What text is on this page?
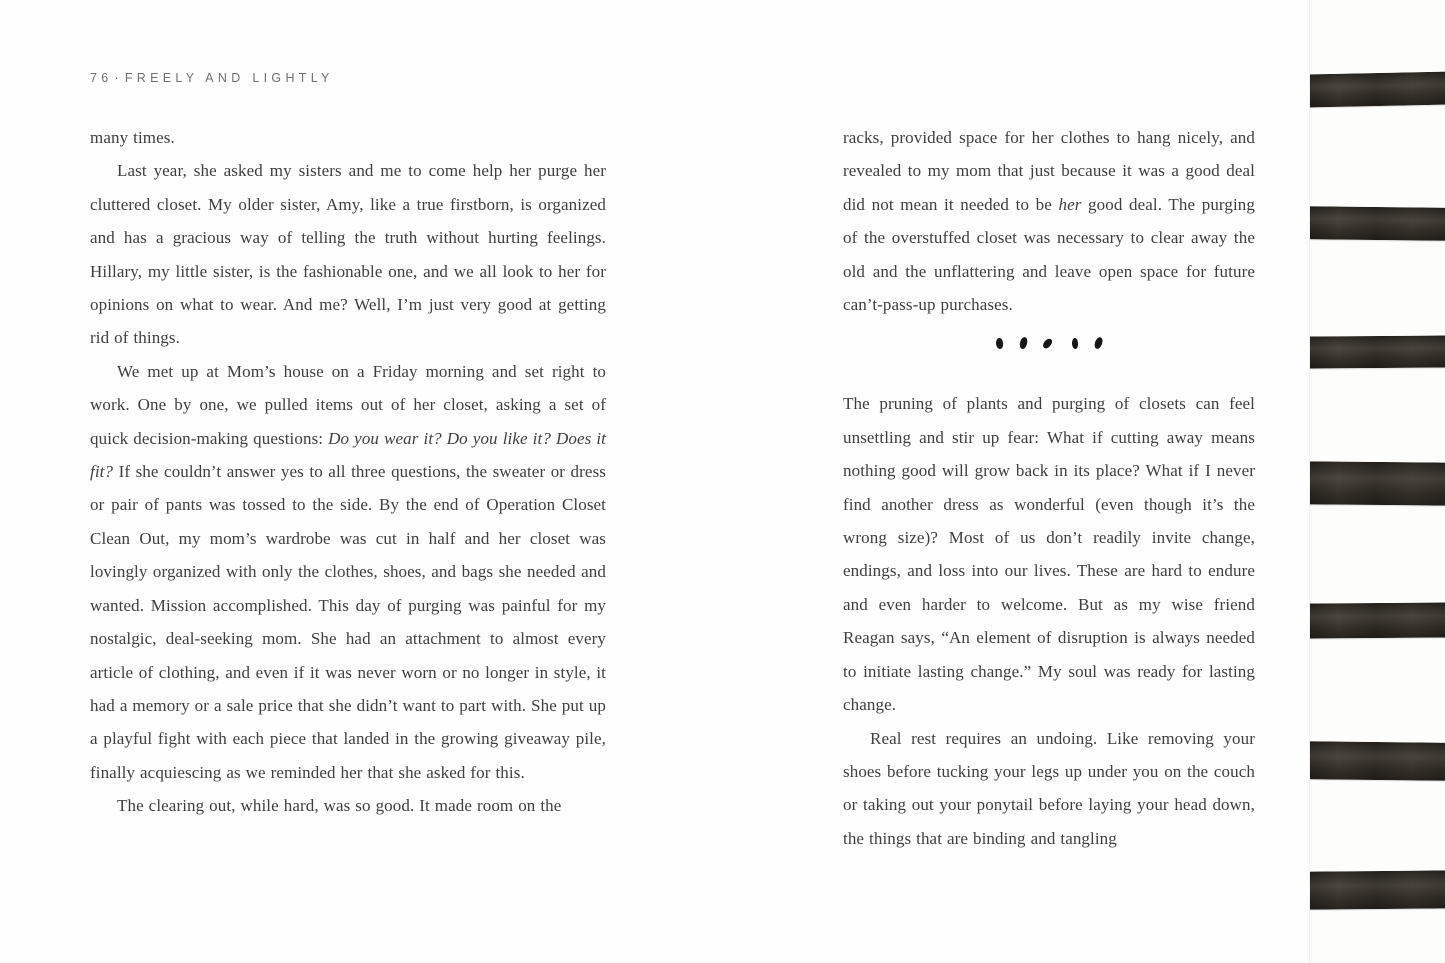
76 · FREELY AND LIGHTLY

many times.

Last year, she asked my sisters and me to come help her purge her cluttered closet. My older sister, Amy, like a true firstborn, is organized and has a gracious way of telling the truth without hurting feelings. Hillary, my little sister, is the fashionable one, and we all look to her for opinions on what to wear. And me? Well, I’m just very good at getting rid of things.

We met up at Mom’s house on a Friday morning and set right to work. One by one, we pulled items out of her closet, asking a set of quick decision-making questions: Do you wear it? Do you like it? Does it fit? If she couldn’t answer yes to all three questions, the sweater or dress or pair of pants was tossed to the side. By the end of Operation Closet Clean Out, my mom’s wardrobe was cut in half and her closet was lovingly organized with only the clothes, shoes, and bags she needed and wanted. Mission accomplished. This day of purging was painful for my nostalgic, deal-seeking mom. She had an attachment to almost every article of clothing, and even if it was never worn or no longer in style, it had a memory or a sale price that she didn’t want to part with. She put up a playful fight with each piece that landed in the growing giveaway pile, finally acquiescing as we reminded her that she asked for this.

The clearing out, while hard, was so good. It made room on the

racks, provided space for her clothes to hang nicely, and revealed to my mom that just because it was a good deal did not mean it needed to be her good deal. The purging of the overstuffed closet was necessary to clear away the old and the unflattering and leave open space for future can’t-pass-up purchases.

The pruning of plants and purging of closets can feel unsettling and stir up fear: What if cutting away means nothing good will grow back in its place? What if I never find another dress as wonderful (even though it’s the wrong size)? Most of us don’t readily invite change, endings, and loss into our lives. These are hard to endure and even harder to welcome. But as my wise friend Reagan says, “An element of disruption is always needed to initiate lasting change.” My soul was ready for lasting change.

Real rest requires an undoing. Like removing your shoes before tucking your legs up under you on the couch or taking out your ponytail before laying your head down, the things that are binding and tangling
